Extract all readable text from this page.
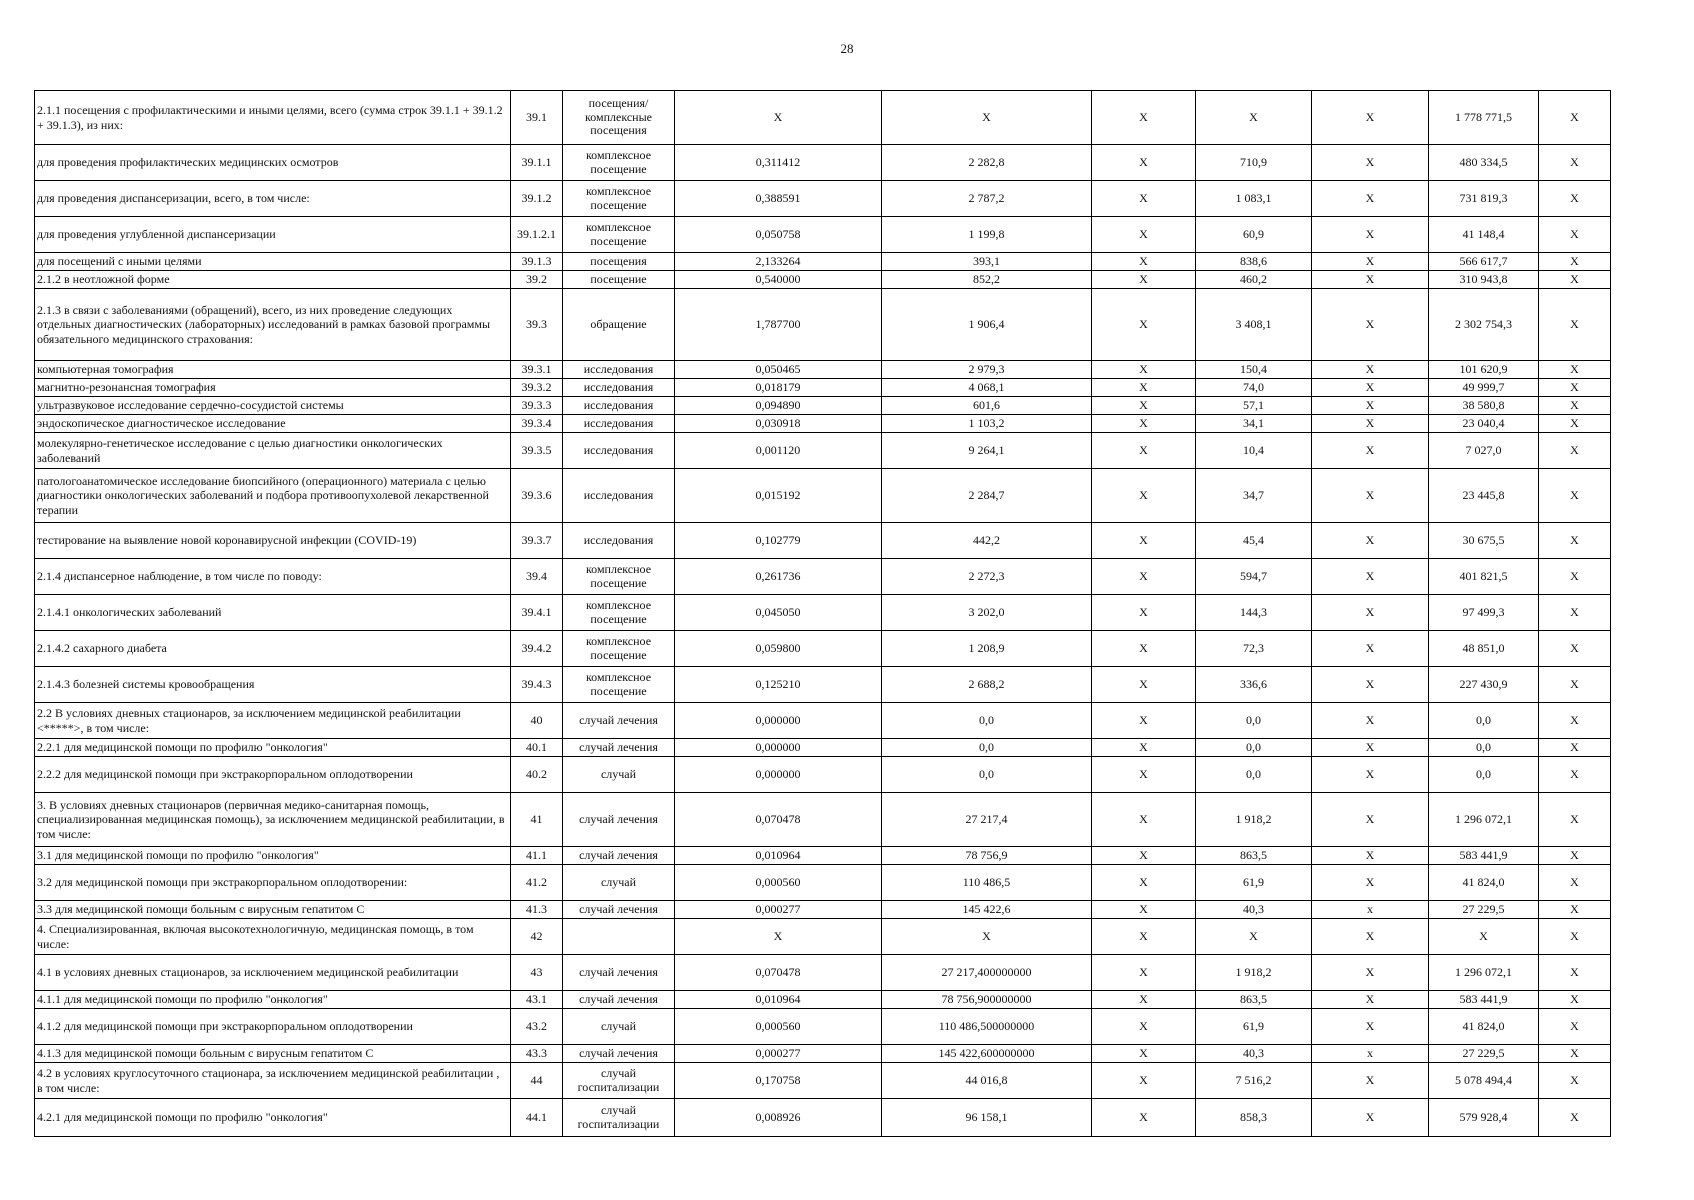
28
2.1.1 посещения с профилактическими и иными целями, всего (сумма строк 39.1.1 + 39.1.2 + 39.1.3), из них:	39.1	посещения/комплексные посещения	X	X	X	X	X	1 778 771,5	X
для проведения профилактических медицинских осмотров	39.1.1	комплексное посещение	0,311412	2 282,8	X	710,9	X	480 334,5	X
для проведения диспансеризации, всего, в том числе:	39.1.2	комплексное посещение	0,388591	2 787,2	X	1 083,1	X	731 819,3	X
для проведения углубленной диспансеризации	39.1.2.1	комплексное посещение	0,050758	1 199,8	X	60,9	X	41 148,4	X
для посещений с иными целями	39.1.3	посещения	2,133264	393,1	X	838,6	X	566 617,7	X
2.1.2 в неотложной форме	39.2	посещение	0,540000	852,2	X	460,2	X	310 943,8	X
2.1.3 в связи с заболеваниями (обращений), всего, из них проведение следующих отдельных диагностических (лабораторных) исследований в рамках базовой программы обязательного медицинского страхования:	39.3	обращение	1,787700	1 906,4	X	3 408,1	X	2 302 754,3	X
компьютерная томография	39.3.1	исследования	0,050465	2 979,3	X	150,4	X	101 620,9	X
магнитно-резонансная томография	39.3.2	исследования	0,018179	4 068,1	X	74,0	X	49 999,7	X
ультразвуковое исследование сердечно-сосудистой системы	39.3.3	исследования	0,094890	601,6	X	57,1	X	38 580,8	X
эндоскопическое диагностическое исследование	39.3.4	исследования	0,030918	1 103,2	X	34,1	X	23 040,4	X
молекулярно-генетическое исследование с целью диагностики онкологических заболеваний	39.3.5	исследования	0,001120	9 264,1	X	10,4	X	7 027,0	X
патологоанатомическое исследование биопсийного (операционного) материала с целью диагностики онкологических заболеваний и подбора противоопухолевой лекарственной терапии	39.3.6	исследования	0,015192	2 284,7	X	34,7	X	23 445,8	X
тестирование на выявление новой коронавирусной инфекции (COVID-19)	39.3.7	исследования	0,102779	442,2	X	45,4	X	30 675,5	X
2.1.4 диспансерное наблюдение, в том числе по поводу:	39.4	комплексное посещение	0,261736	2 272,3	X	594,7	X	401 821,5	X
2.1.4.1 онкологических заболеваний	39.4.1	комплексное посещение	0,045050	3 202,0	X	144,3	X	97 499,3	X
2.1.4.2 сахарного диабета	39.4.2	комплексное посещение	0,059800	1 208,9	X	72,3	X	48 851,0	X
2.1.4.3 болезней системы кровообращения	39.4.3	комплексное посещение	0,125210	2 688,2	X	336,6	X	227 430,9	X
2.2 В условиях дневных стационаров, за исключением медицинской реабилитации <*****>, в том числе:	40	случай лечения	0,000000	0,0	X	0,0	X	0,0	X
2.2.1 для медицинской помощи по профилю "онкология"	40.1	случай лечения	0,000000	0,0	X	0,0	X	0,0	X
2.2.2 для медицинской помощи при экстракорпоральном оплодотворении	40.2	случай	0,000000	0,0	X	0,0	X	0,0	X
3. В условиях дневных стационаров (первичная медико-санитарная помощь, специализированная медицинская помощь), за исключением медицинской реабилитации, в том числе:	41	случай лечения	0,070478	27 217,4	X	1 918,2	X	1 296 072,1	X
3.1 для медицинской помощи по профилю "онкология"	41.1	случай лечения	0,010964	78 756,9	X	863,5	X	583 441,9	X
3.2 для медицинской помощи при экстракорпоральном оплодотворении:	41.2	случай	0,000560	110 486,5	X	61,9	X	41 824,0	X
3.3 для медицинской помощи больным с вирусным гепатитом С	41.3	случай лечения	0,000277	145 422,6	X	40,3	x	27 229,5	X
4. Специализированная, включая высокотехнологичную, медицинская помощь, в том числе:	42		X	X	X	X	X	X	X
4.1 в условиях дневных стационаров, за исключением медицинской реабилитации	43	случай лечения	0,070478	27 217,400000000	X	1 918,2	X	1 296 072,1	X
4.1.1 для медицинской помощи по профилю "онкология"	43.1	случай лечения	0,010964	78 756,900000000	X	863,5	X	583 441,9	X
4.1.2 для медицинской помощи при экстракорпоральном оплодотворении	43.2	случай	0,000560	110 486,500000000	X	61,9	X	41 824,0	X
4.1.3 для медицинской помощи больным с вирусным гепатитом С	43.3	случай лечения	0,000277	145 422,600000000	X	40,3	x	27 229,5	X
4.2 в условиях круглосуточного стационара, за исключением медицинской реабилитации , в том числе:	44	случай госпитализации	0,170758	44 016,8	X	7 516,2	X	5 078 494,4	X
4.2.1 для медицинской помощи по профилю "онкология"	44.1	случай госпитализации	0,008926	96 158,1	X	858,3	X	579 928,4	X
